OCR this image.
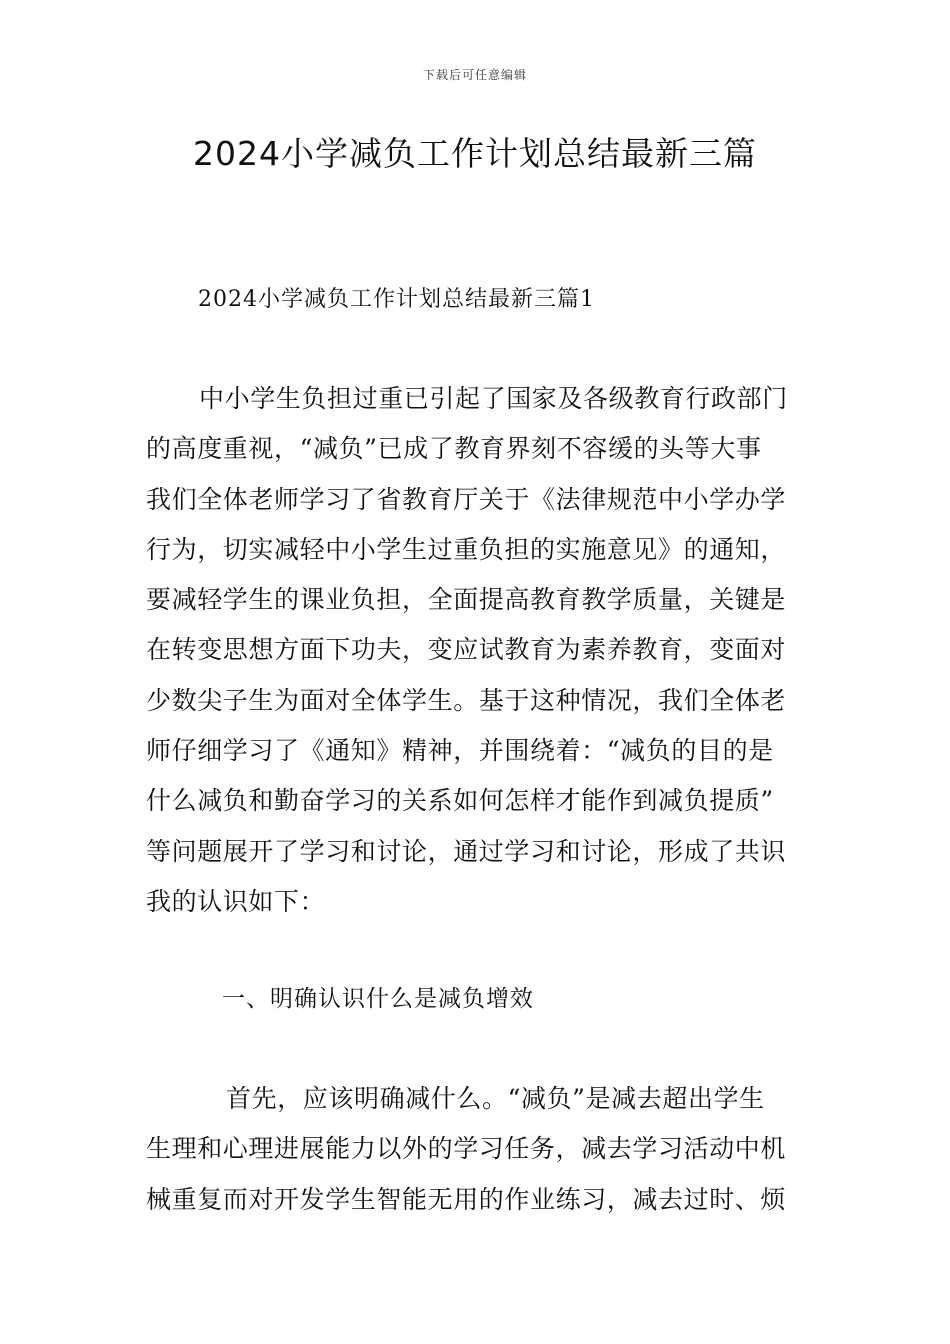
下载后可任意编辑
2024小学减负工作计划总结最新三篇
2024小学减负工作计划总结最新三篇1
中小学生负担过重已引起了国家及各级教育行政部门
的高度重视，“减负”已成了教育界刻不容缓的头等大事
我们全体老师学习了省教育厅关于《法律规范中小学办学
行为，切实减轻中小学生过重负担的实施意见》的通知，
要减轻学生的课业负担，全面提高教育教学质量，关键是
在转变思想方面下功夫，变应试教育为素养教育，变面对
少数尖子生为面对全体学生。基于这种情况，我们全体老
师仔细学习了《通知》精神，并围绕着：“减负的目的是
什么减负和勤奋学习的关系如何怎样才能作到减负提质”
等问题展开了学习和讨论，通过学习和讨论，形成了共识
我的认识如下：
一、明确认识什么是减负增效
首先，应该明确减什么。“减负”是减去超出学生
生理和心理进展能力以外的学习任务，减去学习活动中机
械重复而对开发学生智能无用的作业练习，减去过时、烦
